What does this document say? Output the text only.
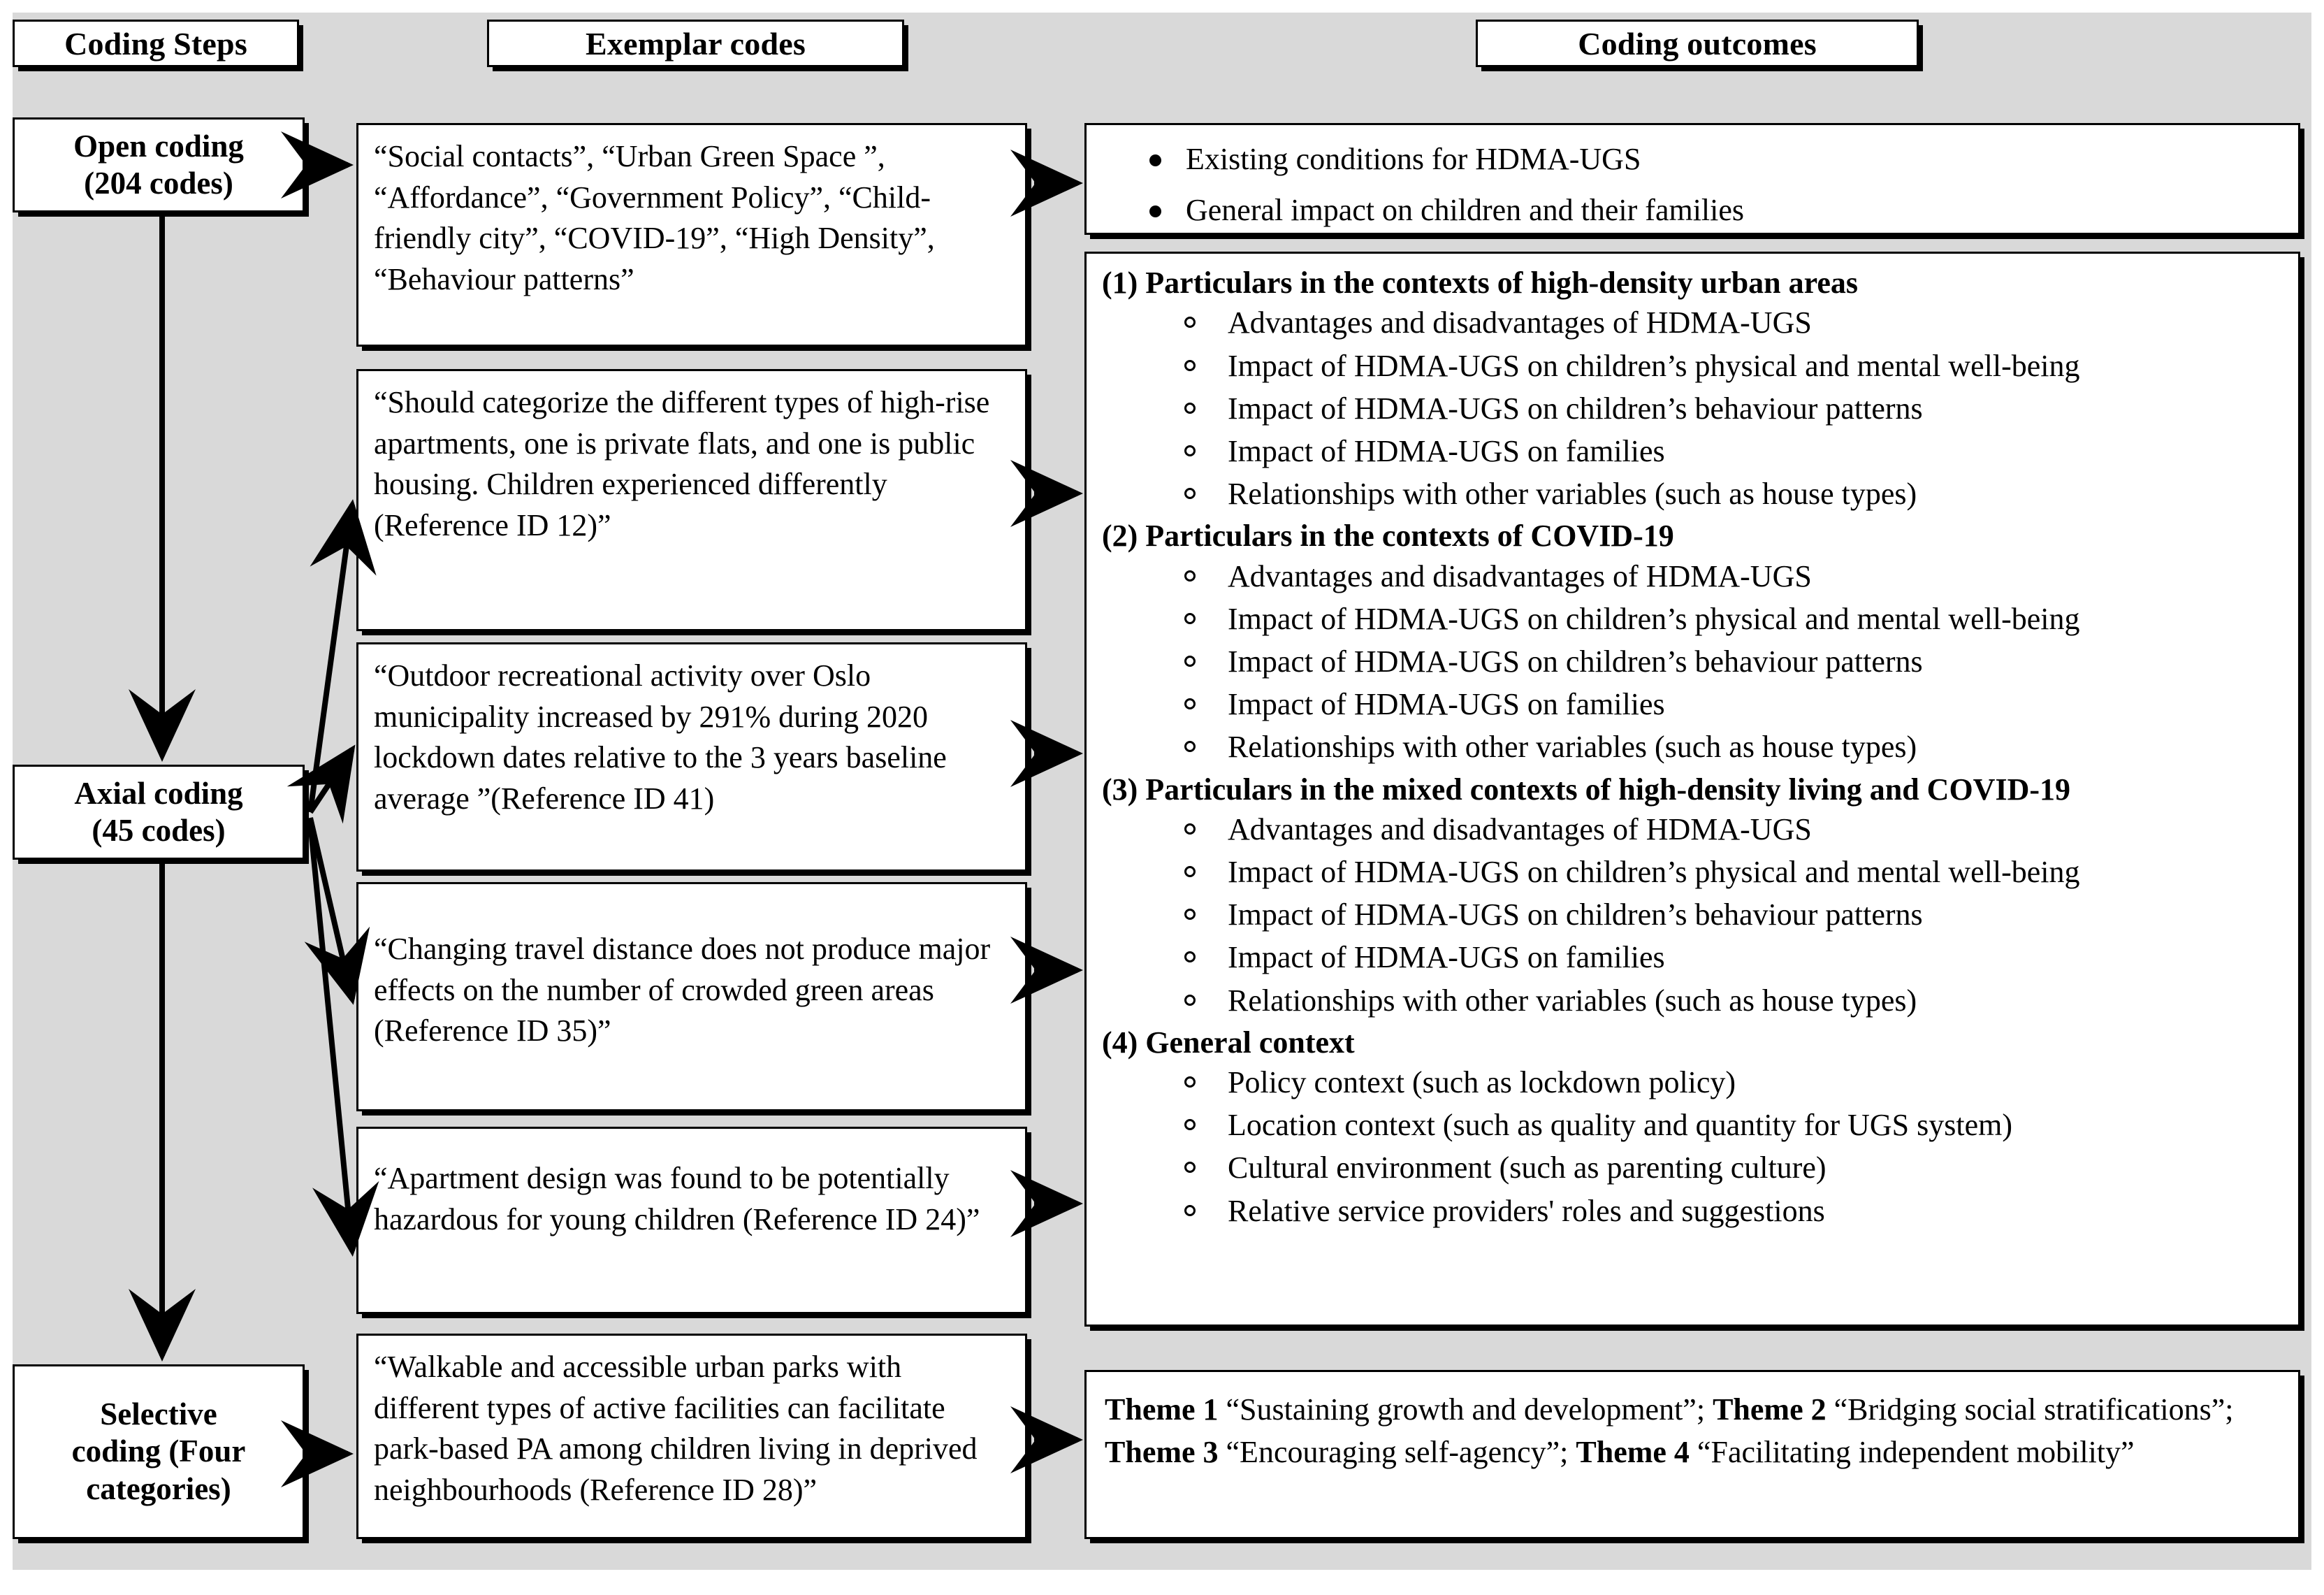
Coding Steps	Exemplar codes	Coding outcomes
Open coding
(204 codes)
Axial coding
(45 codes)
Selective
coding (Four
categories)
“Social contacts”, “Urban Green Space ”, “Affordance”, “Government Policy”, “Child-friendly city”, “COVID-19”, “High Density”, “Behaviour patterns”
“Should categorize the different types of high-rise apartments, one is private flats, and one is public housing. Children experienced differently (Reference ID 12)”
“Outdoor recreational activity over Oslo municipality increased by 291% during 2020 lockdown dates relative to the 3 years baseline average ”(Reference ID 41)
“Changing travel distance does not produce major effects on the number of crowded green areas (Reference ID 35)”
“Apartment design was found to be potentially hazardous for young children (Reference ID 24)”
“Walkable and accessible urban parks with different types of active facilities can facilitate park-based PA among children living in deprived neighbourhoods (Reference ID 28)”
Existing conditions for HDMA-UGS
General impact on children and their families
(1) Particulars in the contexts of high-density urban areas
Advantages and disadvantages of HDMA-UGS
Impact of HDMA-UGS on children’s physical and mental well-being
Impact of HDMA-UGS on children’s behaviour patterns
Impact of HDMA-UGS on families
Relationships with other variables (such as house types)
(2) Particulars in the contexts of COVID-19
Advantages and disadvantages of HDMA-UGS
Impact of HDMA-UGS on children’s physical and mental well-being
Impact of HDMA-UGS on children’s behaviour patterns
Impact of HDMA-UGS on families
Relationships with other variables (such as house types)
(3) Particulars in the mixed contexts of high-density living and COVID-19
Advantages and disadvantages of HDMA-UGS
Impact of HDMA-UGS on children’s physical and mental well-being
Impact of HDMA-UGS on children’s behaviour patterns
Impact of HDMA-UGS on families
Relationships with other variables (such as house types)
(4) General context
Policy context (such as lockdown policy)
Location context (such as quality and quantity for UGS system)
Cultural environment (such as parenting culture)
Relative service providers' roles and suggestions
Theme 1 “Sustaining growth and development”; Theme 2 “Bridging social stratifications”; Theme 3 “Encouraging self-agency”; Theme 4 “Facilitating independent mobility”
